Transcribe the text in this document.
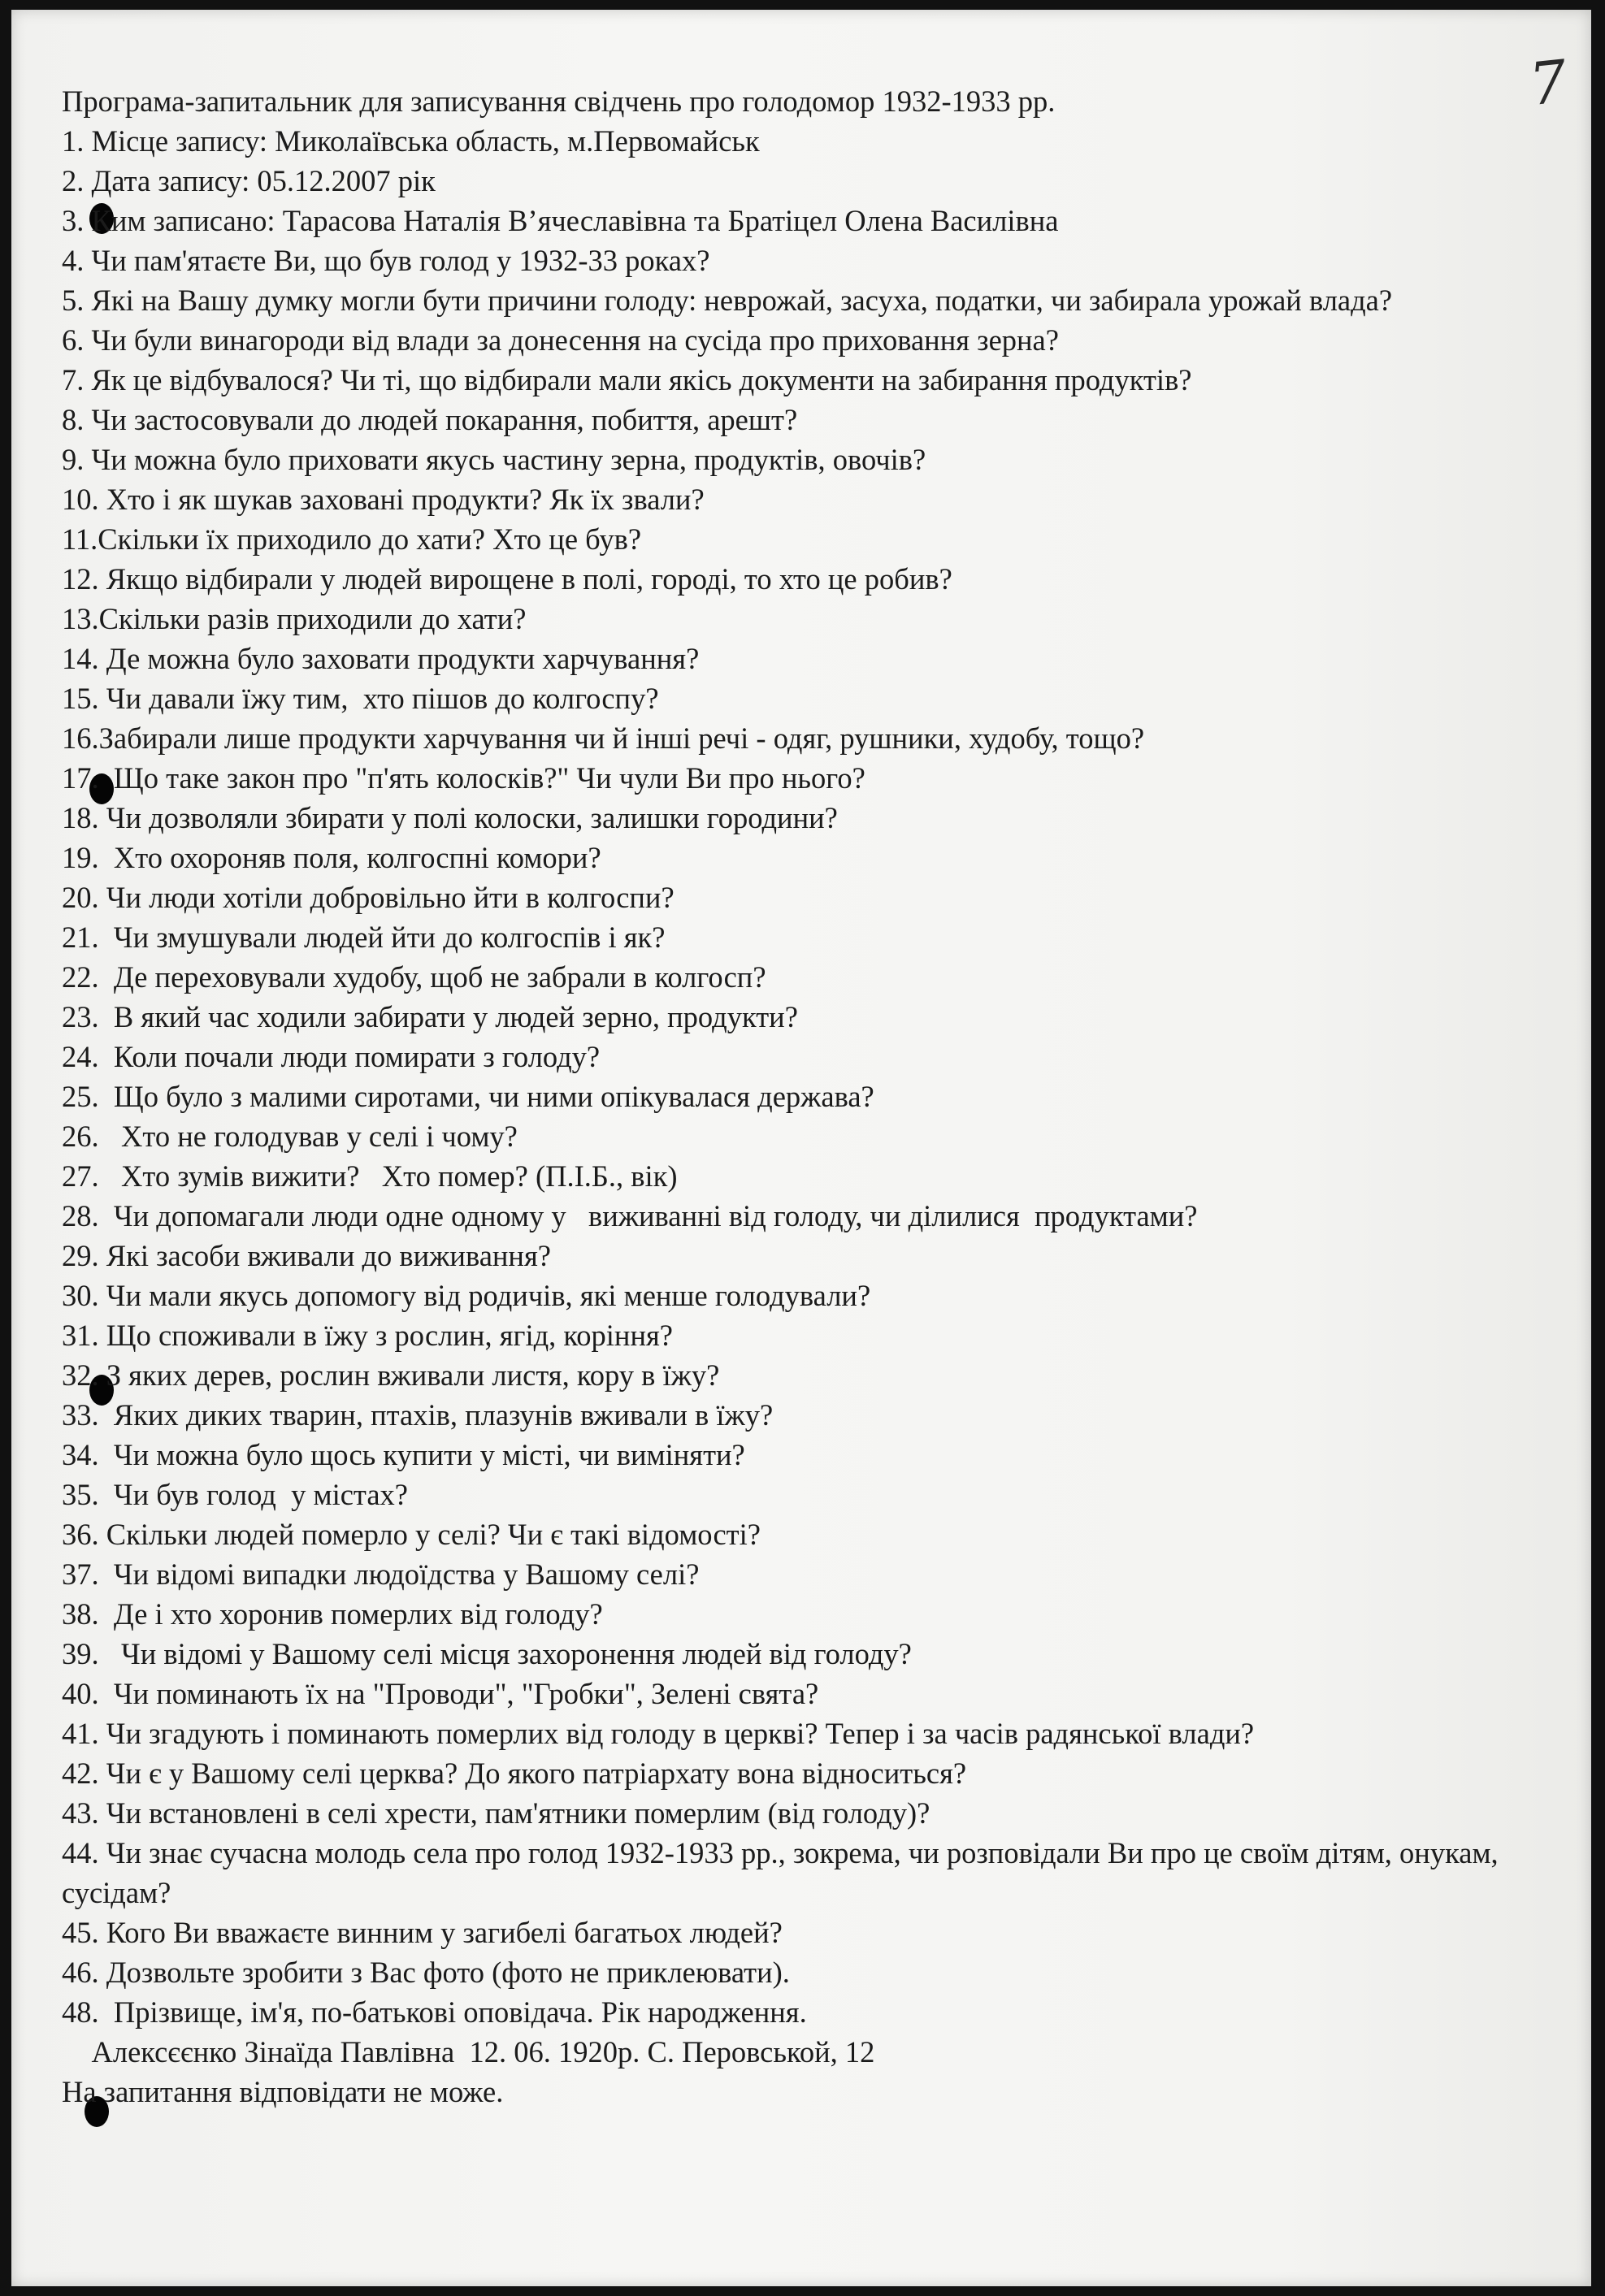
7

Програма-запитальник для записування свідчень про голодомор 1932-1933 рр.

1. Місце запису: Миколаївська область, м.Первомайськ

2. Дата запису: 05.12.2007 рік

3. Ким записано: Тарасова Наталія В’ячеславівна та Братіцел Олена Василівна

4. Чи пам'ятаєте Ви, що був голод у 1932-33 роках?

5. Які на Вашу думку могли бути причини голоду: неврожай, засуха, податки, чи забирала урожай влада?

6. Чи були винагороди від влади за донесення на сусіда про приховання зерна?

7. Як це відбувалося? Чи ті, що відбирали мали якісь документи на забирання продуктів?

8. Чи застосовували до людей покарання, побиття, арешт?

9. Чи можна було приховати якусь частину зерна, продуктів, овочів?

10. Хто і як шукав заховані продукти? Як їх звали?

11.Скільки їх приходило до хати? Хто це був?

12. Якщо відбирали у людей вирощене в полі, городі, то хто це робив?

13.Скільки разів приходили до хати?

14. Де можна було заховати продукти харчування?

15. Чи давали їжу тим,  хто пішов до колгоспу?

16.Забирали лише продукти харчування чи й інші речі - одяг, рушники, худобу, тощо?

17.  Що таке закон про "п'ять колосків?" Чи чули Ви про нього?

18. Чи дозволяли збирати у полі колоски, залишки городини?

19.  Хто охороняв поля, колгоспні комори?

20. Чи люди хотіли добровільно йти в колгоспи?

21.  Чи змушували людей йти до колгоспів і як?

22.  Де переховували худобу, щоб не забрали в колгосп?

23.  В який час ходили забирати у людей зерно, продукти?

24.  Коли почали люди помирати з голоду?

25.  Що було з малими сиротами, чи ними опікувалася держава?

26.   Хто не голодував у селі і чому?

27.   Хто зумів вижити?   Хто помер? (П.І.Б., вік)

28.  Чи допомагали люди одне одному у   виживанні від голоду, чи ділилися  продуктами?

29. Які засоби вживали до виживання?

30. Чи мали якусь допомогу від родичів, які менше голодували?

31. Що споживали в їжу з рослин, ягід, коріння?

32. З яких дерев, рослин вживали листя, кору в їжу?

33.  Яких диких тварин, птахів, плазунів вживали в їжу?

34.  Чи можна було щось купити у місті, чи виміняти?

35.  Чи був голод  у містах?

36. Скільки людей померло у селі? Чи є такі відомості?

37.  Чи відомі випадки людоїдства у Вашому селі?

38.  Де і хто хоронив померлих від голоду?

39.   Чи відомі у Вашому селі місця захоронення людей від голоду?

40.  Чи поминають їх на "Проводи", "Гробки", Зелені свята?

41. Чи згадують і поминають померлих від голоду в церкві? Тепер і за часів радянської влади?

42. Чи є у Вашому селі церква? До якого патріархату вона відноситься?

43. Чи встановлені в селі хрести, пам'ятники померлим (від голоду)?

44. Чи знає сучасна молодь села про голод 1932-1933 рр., зокрема, чи розповідали Ви про це своїм дітям, онукам, сусідам?

45. Кого Ви вважаєте винним у загибелі багатьох людей?

46. Дозвольте зробити з Вас фото (фото не приклеювати).

48.  Прізвище, ім'я, по-батькові оповідача. Рік народження.

Алексєєнко Зінаїда Павлівна  12. 06. 1920р. С. Перовськой, 12

На запитання відповідати не може.
